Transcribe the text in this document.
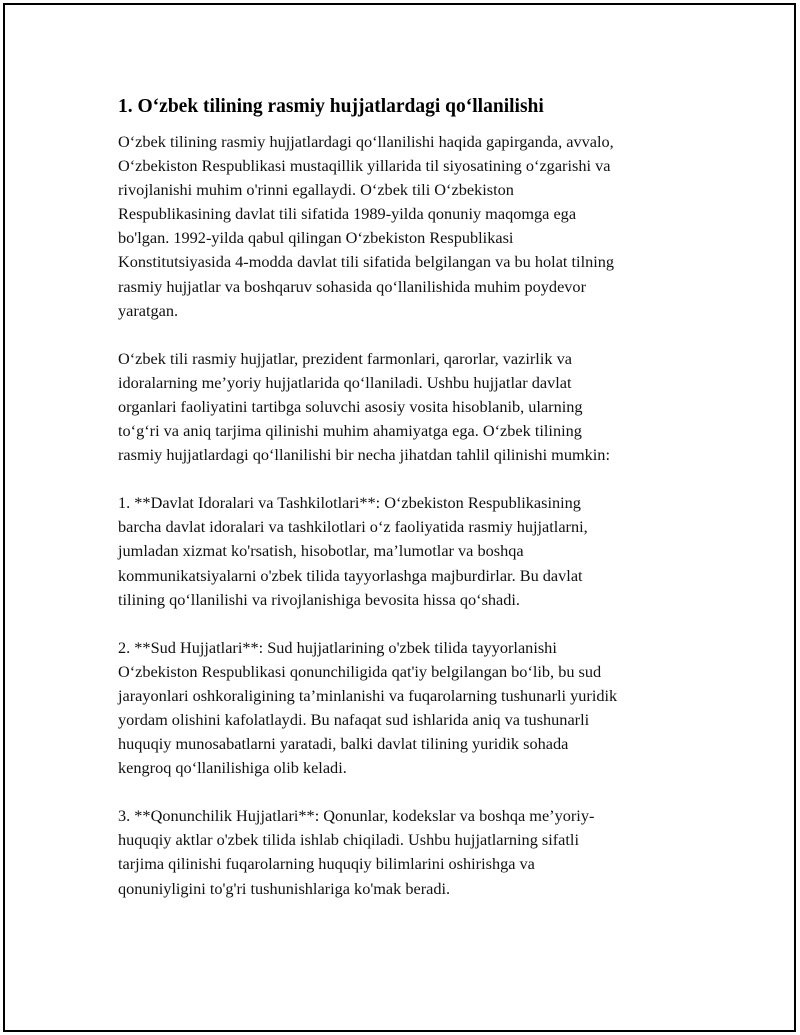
1. Oʻzbek tilining rasmiy hujjatlardagi qoʻllanilishi

Oʻzbek tilining rasmiy hujjatlardagi qoʻllanilishi haqida gapirganda, avvalo,
Oʻzbekiston Respublikasi mustaqillik yillarida til siyosatining oʻzgarishi va
rivojlanishi muhim o'rinni egallaydi. Oʻzbek tili Oʻzbekiston
Respublikasining davlat tili sifatida 1989-yilda qonuniy maqomga ega
bo'lgan. 1992-yilda qabul qilingan Oʻzbekiston Respublikasi
Konstitutsiyasida 4-modda davlat tili sifatida belgilangan va bu holat tilning
rasmiy hujjatlar va boshqaruv sohasida qoʻllanilishida muhim poydevor
yaratgan.

Oʻzbek tili rasmiy hujjatlar, prezident farmonlari, qarorlar, vazirlik va
idoralarning meʼyoriy hujjatlarida qoʻllaniladi. Ushbu hujjatlar davlat
organlari faoliyatini tartibga soluvchi asosiy vosita hisoblanib, ularning
toʻgʻri va aniq tarjima qilinishi muhim ahamiyatga ega. Oʻzbek tilining
rasmiy hujjatlardagi qoʻllanilishi bir necha jihatdan tahlil qilinishi mumkin:

1. **Davlat Idoralari va Tashkilotlari**: Oʻzbekiston Respublikasining
barcha davlat idoralari va tashkilotlari oʻz faoliyatida rasmiy hujjatlarni,
jumladan xizmat ko'rsatish, hisobotlar, maʼlumotlar va boshqa
kommunikatsiyalarni o'zbek tilida tayyorlashga majburdirlar. Bu davlat
tilining qoʻllanilishi va rivojlanishiga bevosita hissa qoʻshadi.

2. **Sud Hujjatlari**: Sud hujjatlarining o'zbek tilida tayyorlanishi
Oʻzbekiston Respublikasi qonunchiligida qat'iy belgilangan boʻlib, bu sud
jarayonlari oshkoraligining taʼminlanishi va fuqarolarning tushunarli yuridik
yordam olishini kafolatlaydi. Bu nafaqat sud ishlarida aniq va tushunarli
huquqiy munosabatlarni yaratadi, balki davlat tilining yuridik sohada
kengroq qoʻllanilishiga olib keladi.

3. **Qonunchilik Hujjatlari**: Qonunlar, kodekslar va boshqa meʼyoriy-
huquqiy aktlar o'zbek tilida ishlab chiqiladi. Ushbu hujjatlarning sifatli
tarjima qilinishi fuqarolarning huquqiy bilimlarini oshirishga va
qonuniyligini to'g'ri tushunishlariga ko'mak beradi.
